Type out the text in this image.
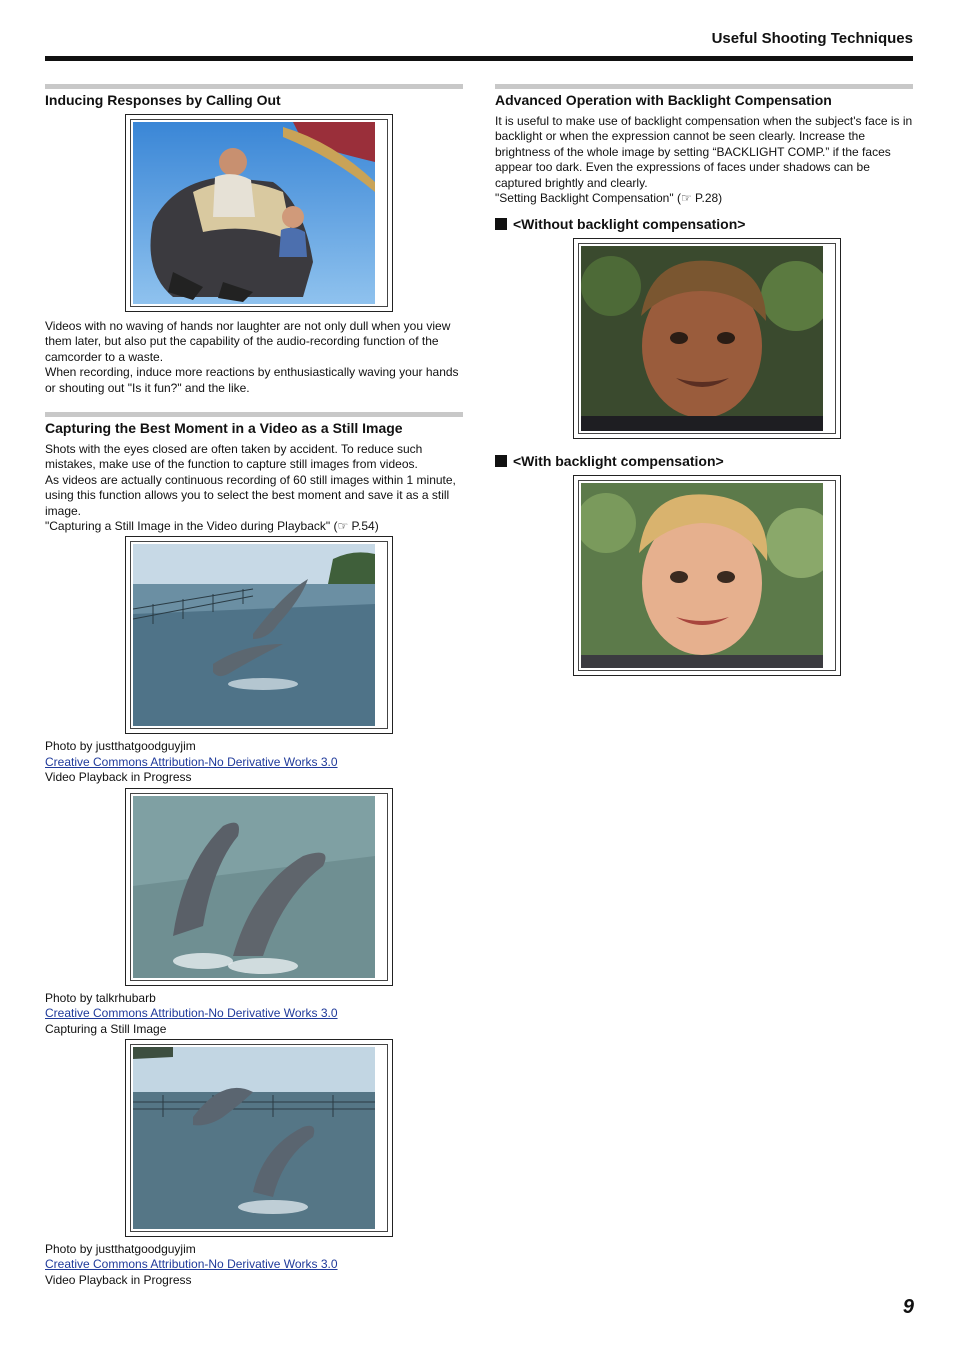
Useful Shooting Techniques
Inducing Responses by Calling Out

Videos with no waving of hands nor laughter are not only dull when you view them later, but also put the capability of the audio-recording function of the camcorder to a waste.

When recording, induce more reactions by enthusiastically waving your hands or shouting out "Is it fun?" and the like.

Capturing the Best Moment in a Video as a Still Image

Shots with the eyes closed are often taken by accident. To reduce such mistakes, make use of the function to capture still images from videos.

As videos are actually continuous recording of 60 still images within 1 minute, using this function allows you to select the best moment and save it as a still image.

"Capturing a Still Image in the Video during Playback" (☞ P.54)

Photo by justthatgoodguyjim

Creative Commons Attribution-No Derivative Works 3.0

Video Playback in Progress

Photo by talkrhubarb

Creative Commons Attribution-No Derivative Works 3.0

Capturing a Still Image

Photo by justthatgoodguyjim

Creative Commons Attribution-No Derivative Works 3.0

Video Playback in Progress

Advanced Operation with Backlight Compensation

It is useful to make use of backlight compensation when the subject's face is in backlight or when the expression cannot be seen clearly. Increase the brightness of the whole image by setting “BACKLIGHT COMP.” if the faces appear too dark. Even the expressions of faces under shadows can be captured brightly and clearly.

"Setting Backlight Compensation" (☞ P.28)

<Without backlight compensation>
<With backlight compensation>
9
